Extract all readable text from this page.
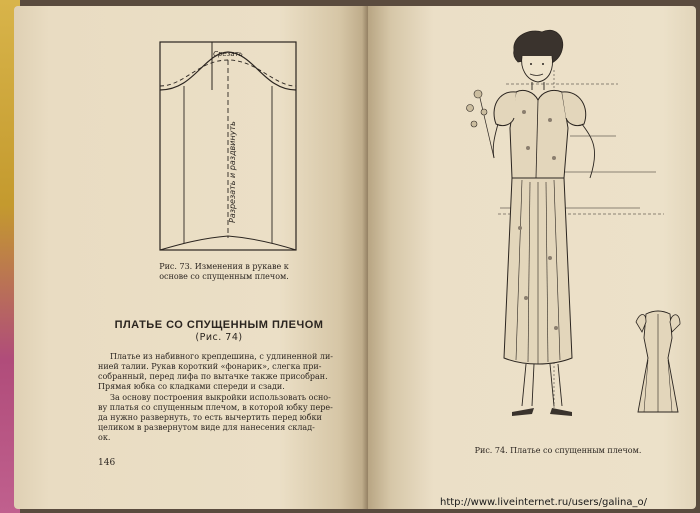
Срезать
Разрезать и раздвинуть
Рис. 73. Изменения в рукаве к
основе со спущенным плечом.
ПЛАТЬЕ СО СПУЩЕННЫМ ПЛЕЧОМ
(Рис. 74)
Платье из набивного крепдешина, с удлиненной ли-
нией талии. Рукав короткий «фонарик», слегка при-
собранный, перед лифа по вытачке также присобран.
Прямая юбка со кладками спереди и сзади.
За основу построения выкройки использовать осно-
ву платья со спущенным плечом, в которой юбку пере-
да нужно развернуть, то есть вычертить перед юбки
целиком в развернутом виде для нанесения склад-
ок.
146
Рис. 74. Платье со спущенным плечом.
http://www.liveinternet.ru/users/galina_o/
